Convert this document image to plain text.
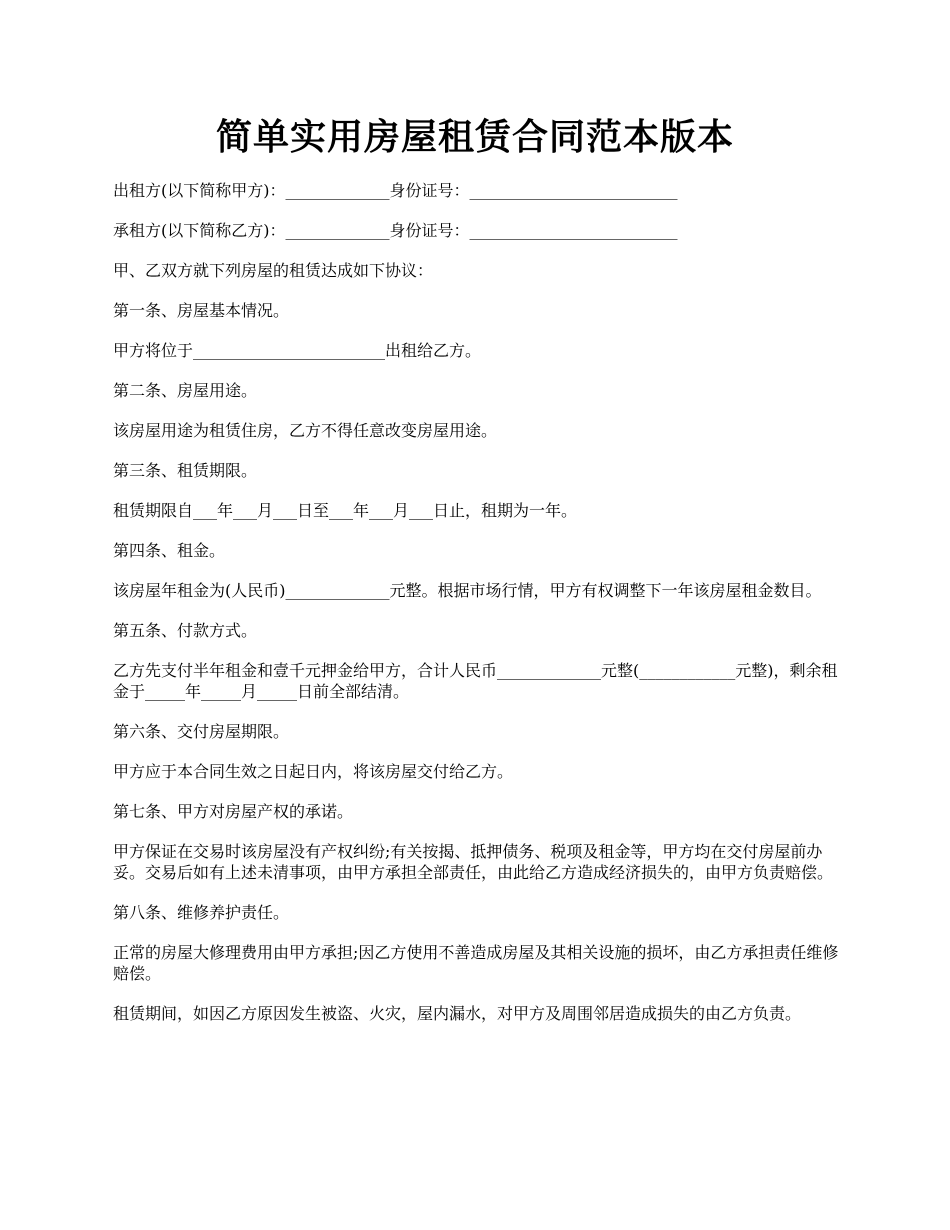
简单实用房屋租赁合同范本版本

出租方(以下简称甲方)：_____________身份证号：__________________________

承租方(以下简称乙方)：_____________身份证号：__________________________

甲、乙双方就下列房屋的租赁达成如下协议：

第一条、房屋基本情况。

甲方将位于________________________出租给乙方。

第二条、房屋用途。

该房屋用途为租赁住房，乙方不得任意改变房屋用途。

第三条、租赁期限。

租赁期限自___年___月___日至___年___月___日止，租期为一年。

第四条、租金。

该房屋年租金为(人民币)_____________元整。根据市场行情，甲方有权调整下一年该房屋租金数目。

第五条、付款方式。

乙方先支付半年租金和壹千元押金给甲方，合计人民币_____________元整(____________元整)，剩余租金于_____年_____月_____日前全部结清。

第六条、交付房屋期限。

甲方应于本合同生效之日起日内，将该房屋交付给乙方。

第七条、甲方对房屋产权的承诺。

甲方保证在交易时该房屋没有产权纠纷;有关按揭、抵押债务、税项及租金等，甲方均在交付房屋前办妥。交易后如有上述未清事项，由甲方承担全部责任，由此给乙方造成经济损失的，由甲方负责赔偿。

第八条、维修养护责任。

正常的房屋大修理费用由甲方承担;因乙方使用不善造成房屋及其相关设施的损坏，由乙方承担责任维修赔偿。

租赁期间，如因乙方原因发生被盗、火灾，屋内漏水，对甲方及周围邻居造成损失的由乙方负责。
